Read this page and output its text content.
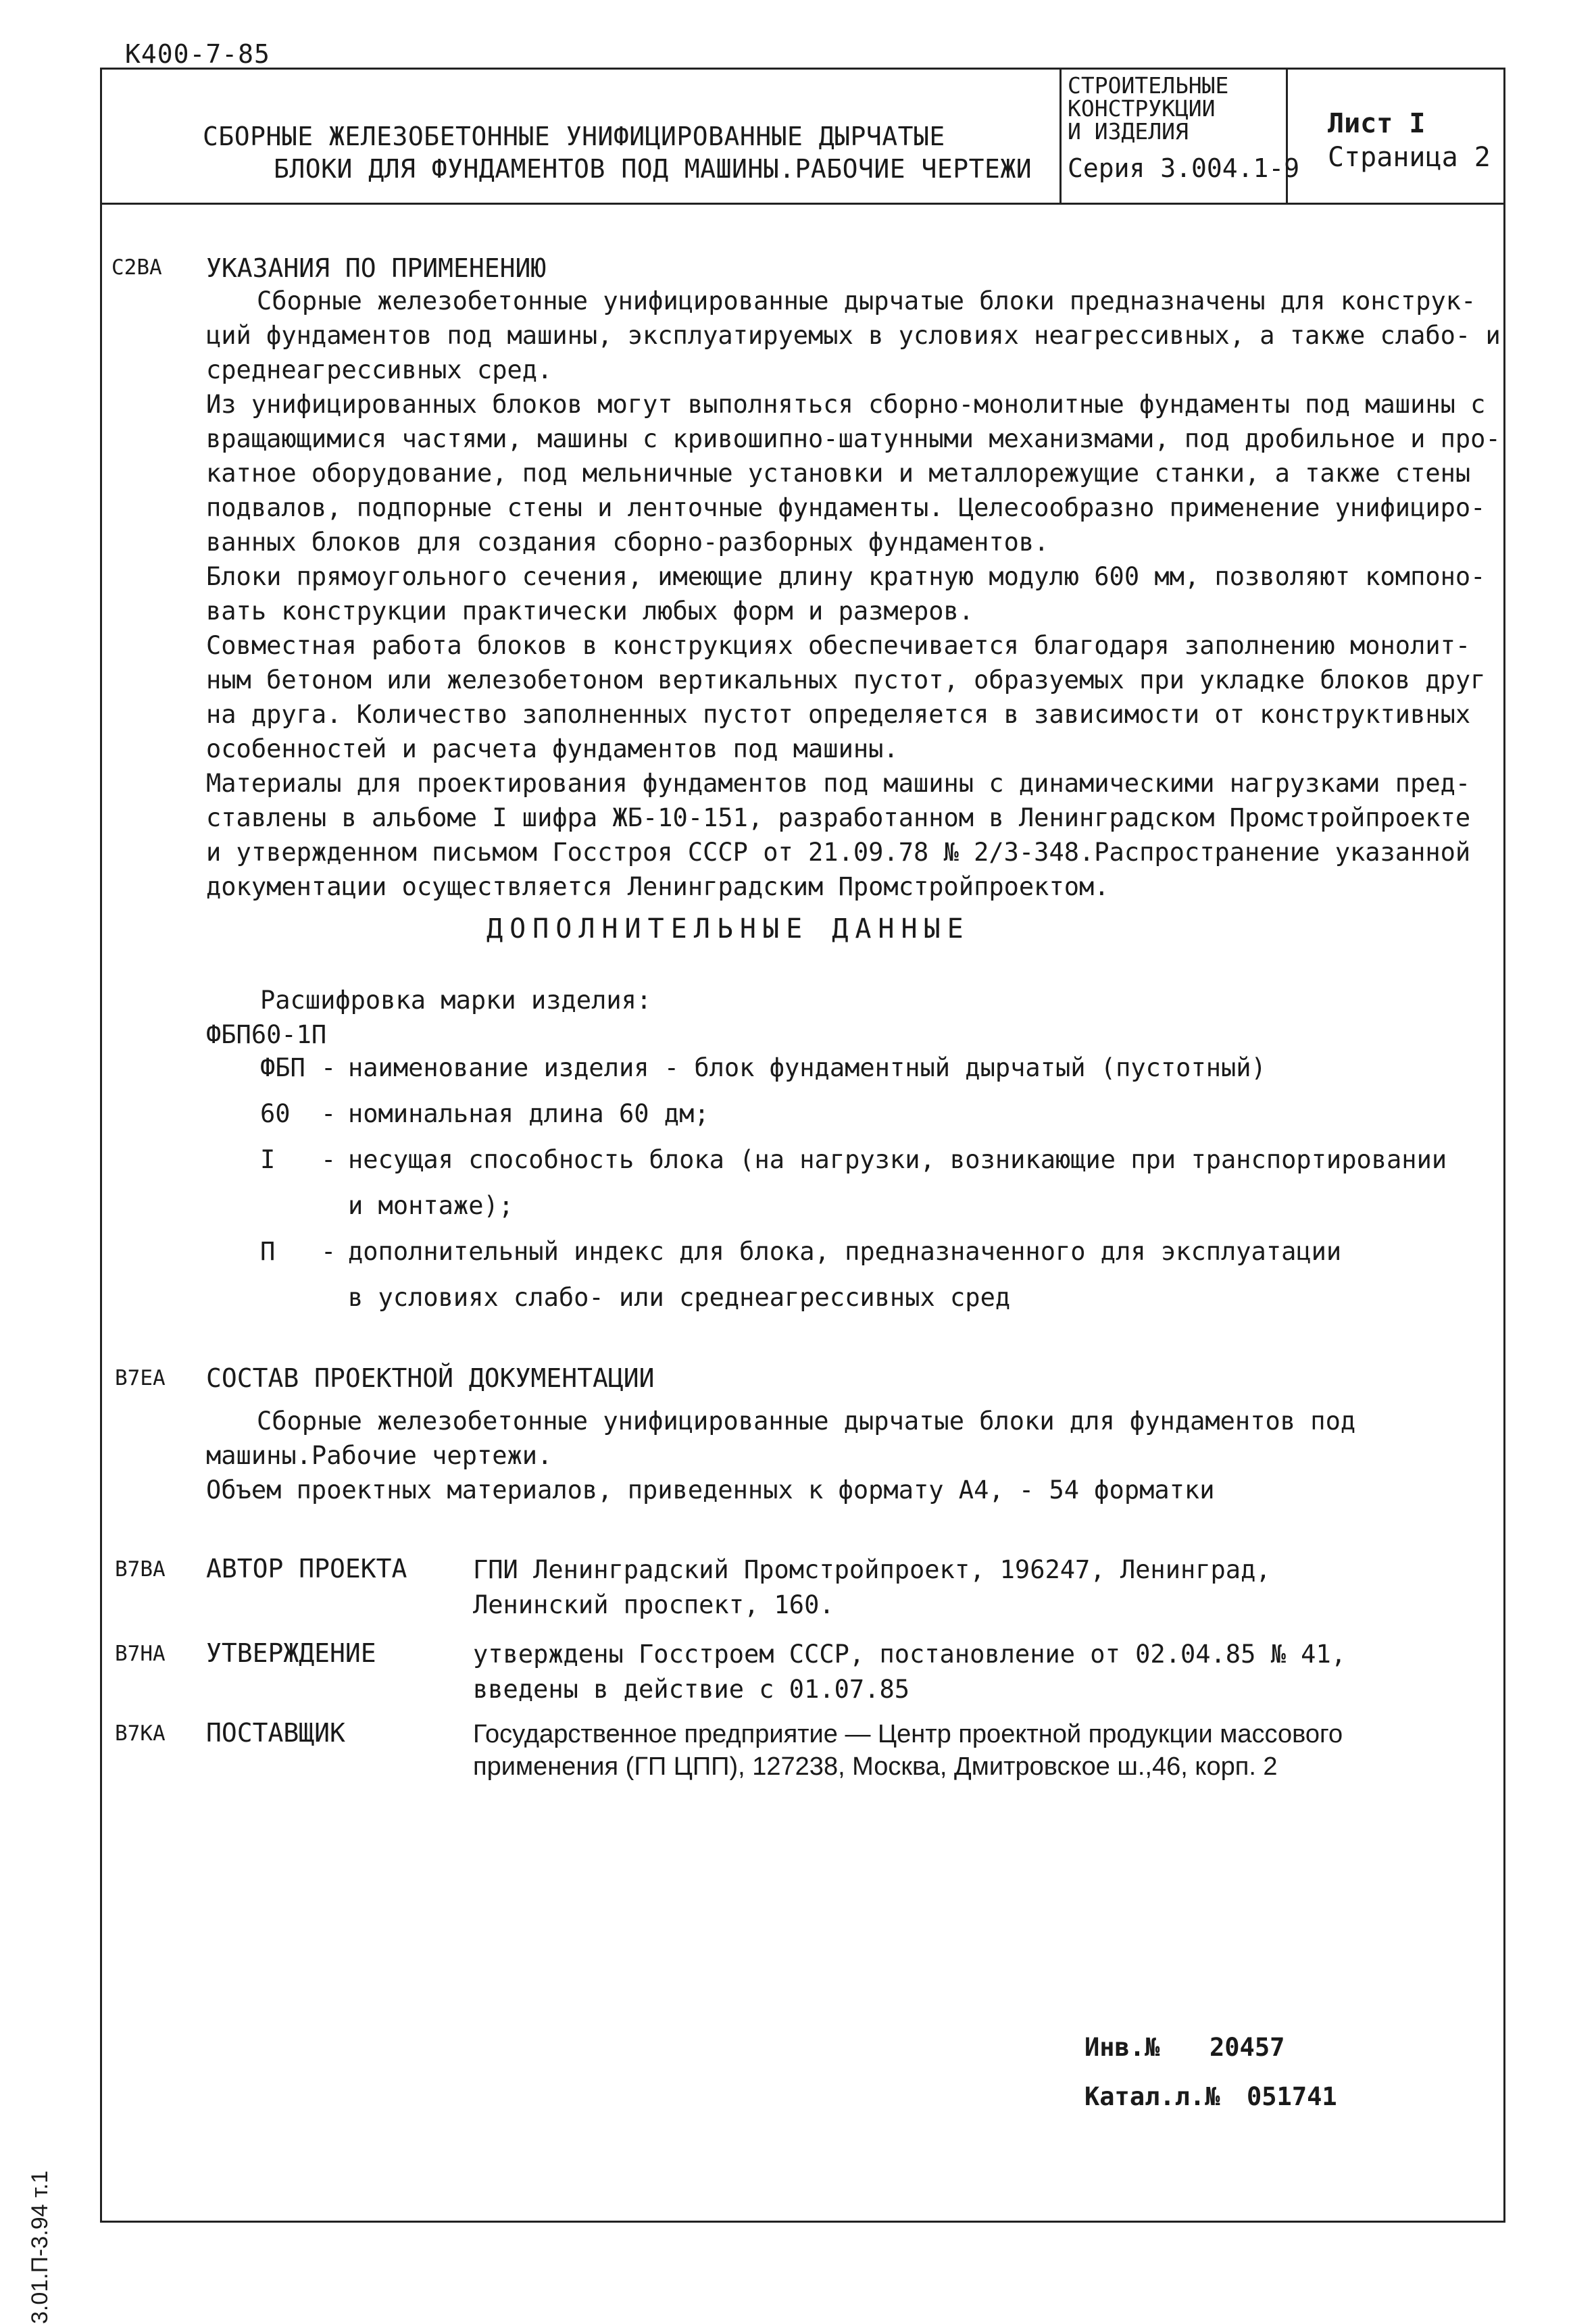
К400-7-85
СБОРНЫЕ ЖЕЛЕЗОБЕТОННЫЕ УНИФИЦИРОВАННЫЕ ДЫРЧАТЫЕ
БЛОКИ ДЛЯ ФУНДАМЕНТОВ ПОД МАШИНЫ.РАБОЧИЕ ЧЕРТЕЖИ
СТРОИТЕЛЬНЫЕ
КОНСТРУКЦИИ
И ИЗДЕЛИЯ
Серия 3.004.1-9
Лист I
Страница 2
C2ВА УКАЗАНИЯ ПО ПРИМЕНЕНИЮ
Сборные железобетонные унифицированные дырчатые блоки предназначены для конструк-
ций фундаментов под машины, эксплуатируемых в условиях неагрессивных, а также слабо- и
среднеагрессивных сред.
Из унифицированных блоков могут выполняться сборно-монолитные фундаменты под машины с
вращающимися частями, машины с кривошипно-шатунными механизмами, под дробильное и про-
катное оборудование, под мельничные установки и металлорежущие станки, а также стены
подвалов, подпорные стены и ленточные фундаменты. Целесообразно применение унифициро-
ванных блоков для создания сборно-разборных фундаментов.
Блоки прямоугольного сечения, имеющие длину кратную модулю 600 мм, позволяют компоно-
вать конструкции практически любых форм и размеров.
Совместная работа блоков в конструкциях обеспечивается благодаря заполнению монолит-
ным бетоном или железобетоном вертикальных пустот, образуемых при укладке блоков друг
на друга. Количество заполненных пустот определяется в зависимости от конструктивных
особенностей и расчета фундаментов под машины.
Материалы для проектирования фундаментов под машины с динамическими нагрузками пред-
ставлены в альбоме I шифра ЖБ-10-151, разработанном в Ленинградском Промстройпроекте
и утвержденном письмом Госстроя СССР от 21.09.78 № 2/3-348.Распространение указанной
документации осуществляется Ленинградским Промстройпроектом.
ДОПОЛНИТЕЛЬНЫЕ ДАННЫЕ
Расшифровка марки изделия:
ФБП60-1П
ФБП - наименование изделия - блок фундаментный дырчатый (пустотный)
60 - номинальная длина 60 дм;
I - несущая способность блока (на нагрузки, возникающие при транспортировании
и монтаже);
П - дополнительный индекс для блока, предназначенного для эксплуатации
в условиях слабо- или среднеагрессивных сред
В7ЕА СОСТАВ ПРОЕКТНОЙ ДОКУМЕНТАЦИИ
Сборные железобетонные унифицированные дырчатые блоки для фундаментов под
машины.Рабочие чертежи.
Объем проектных материалов, приведенных к формату А4, - 54 форматки
В7ВА АВТОР ПРОЕКТА	ГПИ Ленинградский Промстройпроект, 196247, Ленинград,
Ленинский проспект, 160.
В7НА УТВЕРЖДЕНИЕ	утверждены Госстроем СССР, постановление от 02.04.85 № 41,
введены в действие с 01.07.85
В7КА ПОСТАВЩИК	Государственное предприятие — Центр проектной продукции массового
применения (ГП ЦПП), 127238, Москва, Дмитровское ш.,46, корп. 2
Инв.№ 20457
Катал.л.№ 051741
3.01.П-3.94 т.1
